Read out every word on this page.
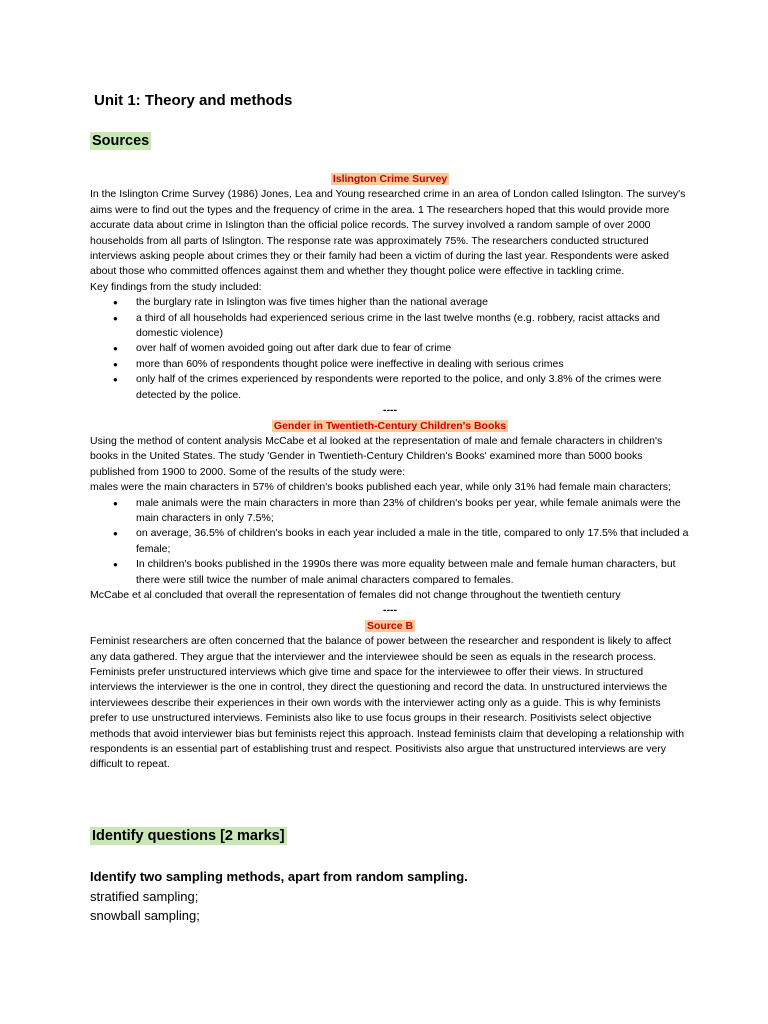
Unit 1: Theory and methods
Sources

Islington Crime Survey

In the Islington Crime Survey (1986) Jones, Lea and Young researched crime in an area of London called Islington. The survey's aims were to find out the types and the frequency of crime in the area. 1 The researchers hoped that this would provide more accurate data about crime in Islington than the official police records. The survey involved a random sample of over 2000 households from all parts of Islington. The response rate was approximately 75%. The researchers conducted structured interviews asking people about crimes they or their family had been a victim of during the last year. Respondents were asked about those who committed offences against them and whether they thought police were effective in tackling crime.

Key findings from the study included:

● the burglary rate in Islington was five times higher than the national average
● a third of all households had experienced serious crime in the last twelve months (e.g. robbery, racist attacks and domestic violence)
● over half of women avoided going out after dark due to fear of crime
● more than 60% of respondents thought police were ineffective in dealing with serious crimes
● only half of the crimes experienced by respondents were reported to the police, and only 3.8% of the crimes were detected by the police.

----

Gender in Twentieth-Century Children's Books

Using the method of content analysis McCabe et al looked at the representation of male and female characters in children's books in the United States. The study 'Gender in Twentieth-Century Children's Books' examined more than 5000 books published from 1900 to 2000. Some of the results of the study were:

males were the main characters in 57% of children's books published each year, while only 31% had female main characters;

● male animals were the main characters in more than 23% of children's books per year, while female animals were the main characters in only 7.5%;
● on average, 36.5% of children's books in each year included a male in the title, compared to only 17.5% that included a female;
● In children's books published in the 1990s there was more equality between male and female human characters, but there were still twice the number of male animal characters compared to females.

McCabe et al concluded that overall the representation of females did not change throughout the twentieth century

----

Source B

Feminist researchers are often concerned that the balance of power between the researcher and respondent is likely to affect any data gathered. They argue that the interviewer and the interviewee should be seen as equals in the research process. Feminists prefer unstructured interviews which give time and space for the interviewee to offer their views. In structured interviews the interviewer is the one in control, they direct the questioning and record the data. In unstructured interviews the interviewees describe their experiences in their own words with the interviewer acting only as a guide. This is why feminists prefer to use unstructured interviews. Feminists also like to use focus groups in their research. Positivists select objective methods that avoid interviewer bias but feminists reject this approach. Instead feminists claim that developing a relationship with respondents is an essential part of establishing trust and respect. Positivists also argue that unstructured interviews are very difficult to repeat.

Identify questions [2 marks]

Identify two sampling methods, apart from random sampling.

stratified sampling;

snowball sampling;
